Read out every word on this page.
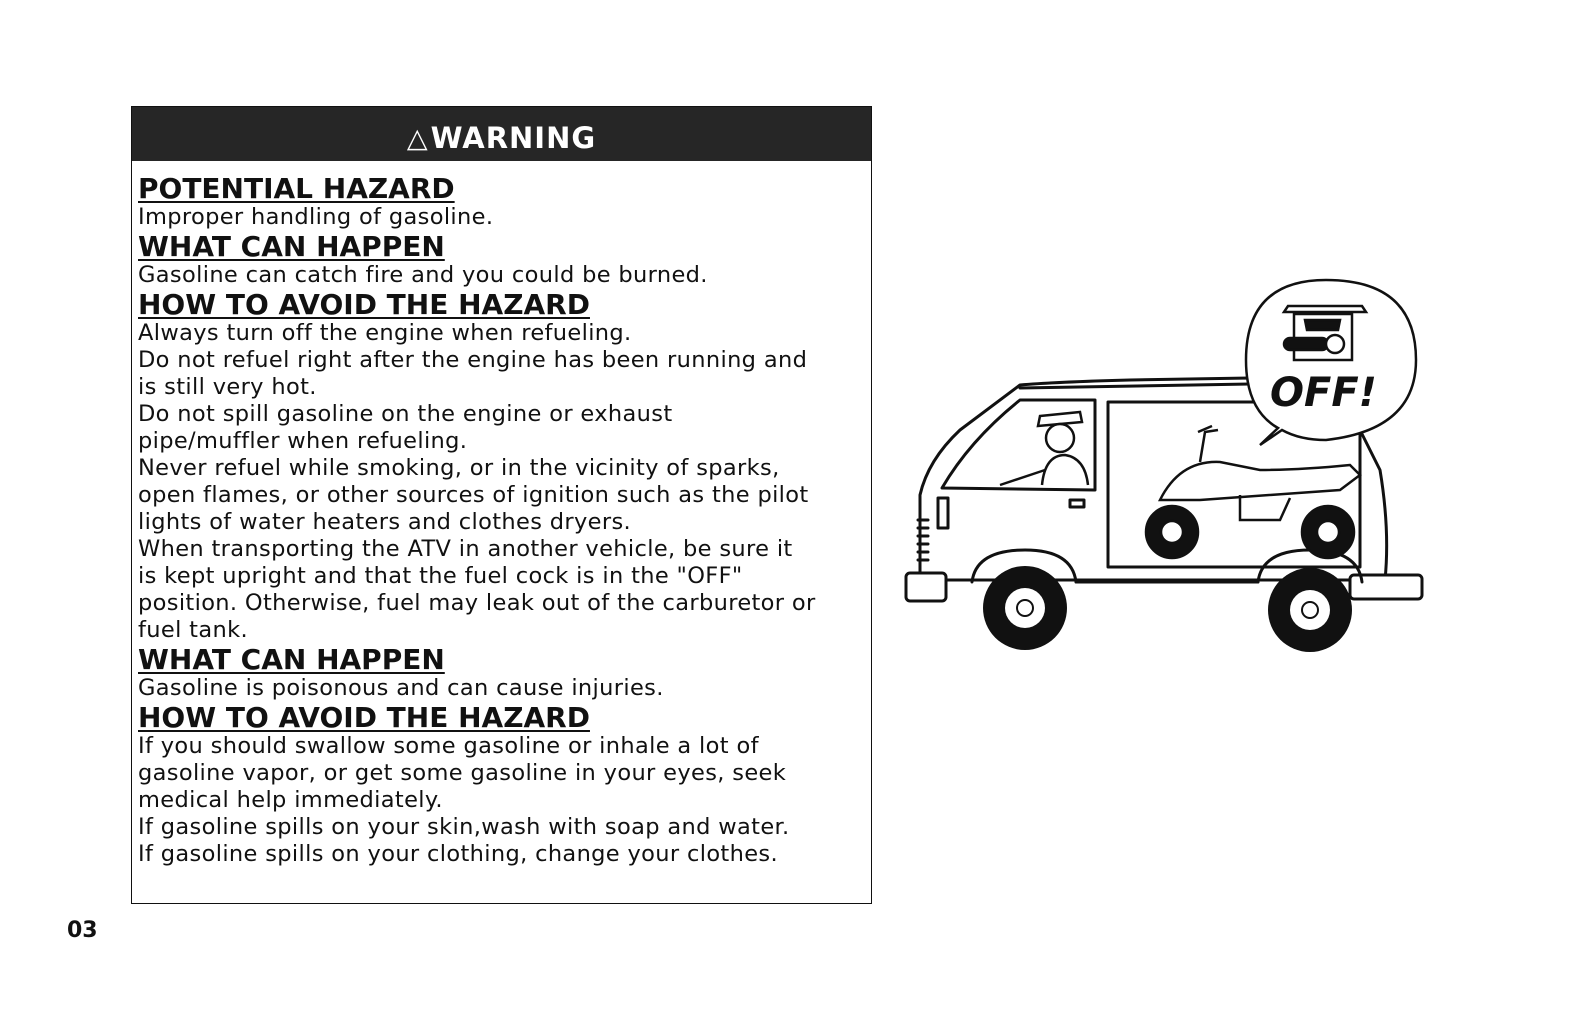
△ WARNING

POTENTIAL HAZARD

Improper handling of gasoline.

WHAT CAN HAPPEN

Gasoline can catch fire and you could be burned.

HOW TO AVOID THE HAZARD

Always turn off the engine when refueling.

Do not refuel right after the engine has been running and

is still very hot.

Do not spill gasoline on the engine or exhaust

pipe/muffler when refueling.

Never refuel while smoking, or in the vicinity of sparks,

open flames, or other sources of ignition such as the pilot

lights of water heaters and clothes dryers.

When transporting the ATV in another vehicle, be sure it

is kept upright and that the fuel cock is in the "OFF"

position. Otherwise, fuel may leak out of the carburetor or

fuel tank.

WHAT CAN HAPPEN

Gasoline is poisonous and can cause injuries.

HOW TO AVOID THE HAZARD

If you should swallow some gasoline or inhale a lot of

gasoline vapor, or get some gasoline in your eyes, seek

medical help immediately.

If gasoline spills on your skin,wash with soap and water.

If gasoline spills on your clothing, change your clothes.

OFF!
03
